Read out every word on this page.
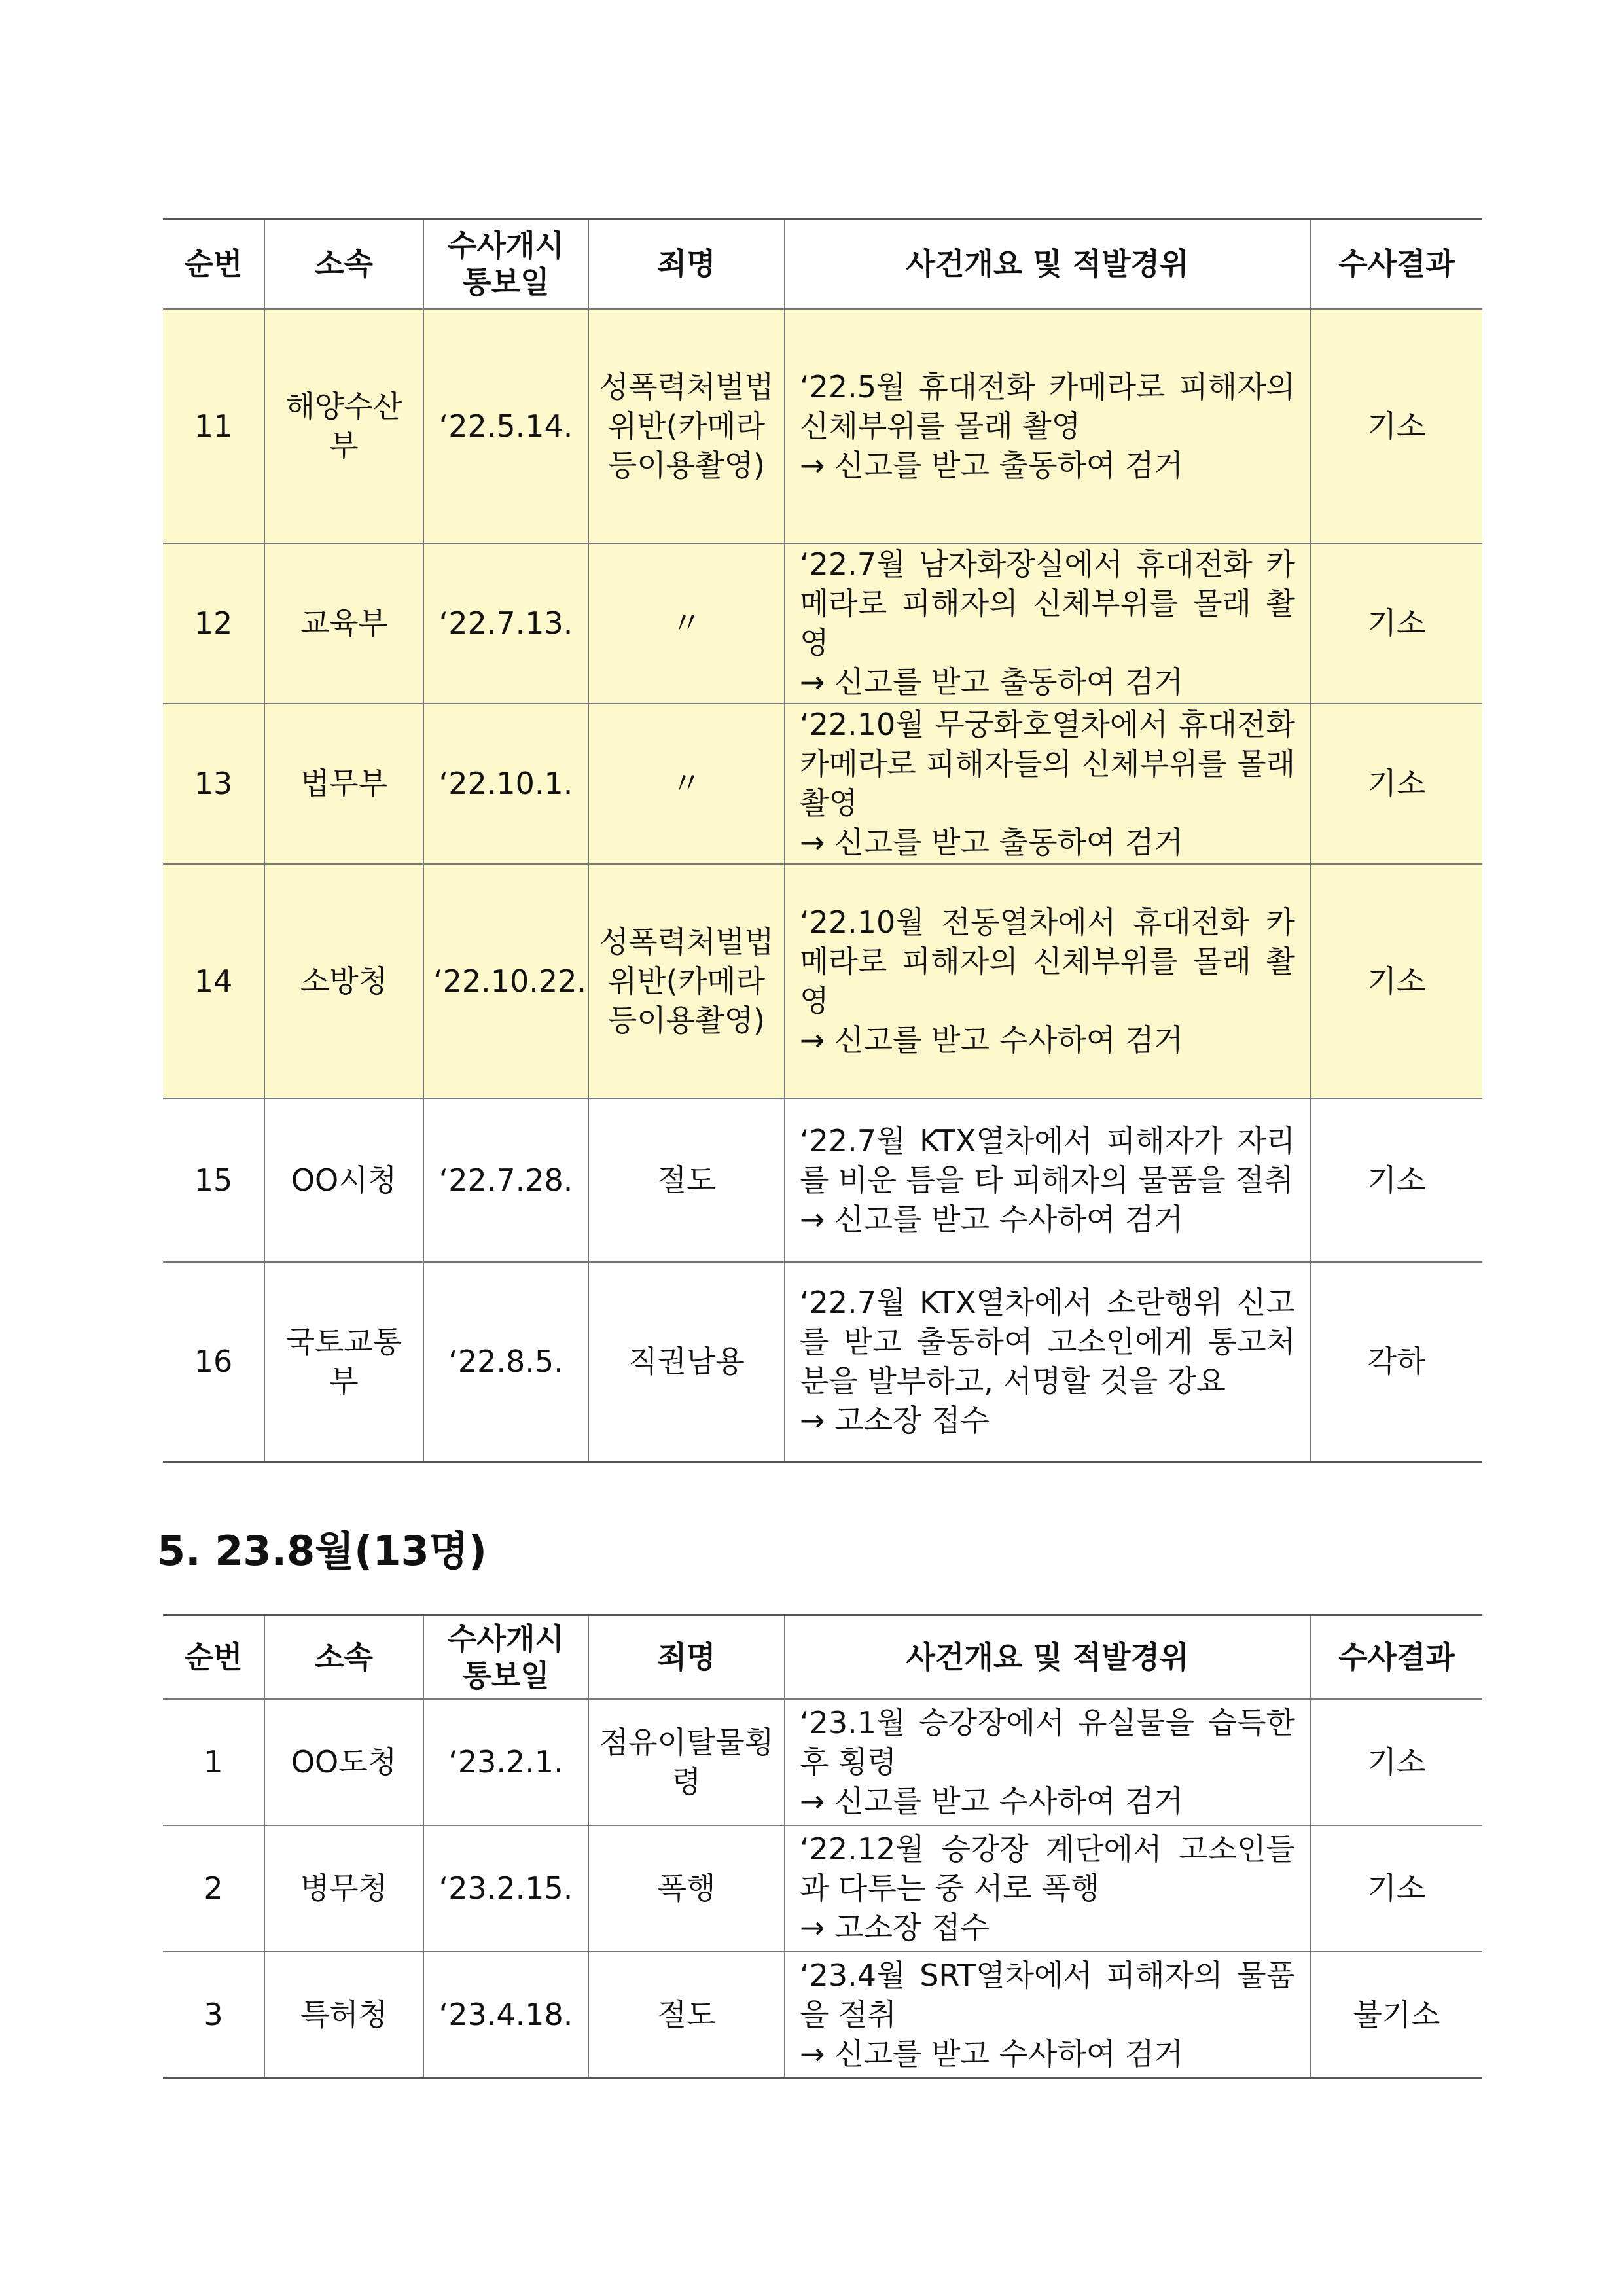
순번	소속	수사개시 통보일	죄명	사건개요 및 적발경위	수사결과
11	해양수산부	‘22.5.14.	성폭력처벌법위반(카메라등이용촬영)	‘22.5월 휴대전화 카메라로 피해자의 신체부위를 몰래 촬영
→ 신고를 받고 출동하여 검거	기소
12	교육부	‘22.7.13.	〃	‘22.7월 남자화장실에서 휴대전화 카메라로 피해자의 신체부위를 몰래 촬영
→ 신고를 받고 출동하여 검거	기소
13	법무부	‘22.10.1.	〃	‘22.10월 무궁화호열차에서 휴대전화 카메라로 피해자들의 신체부위를 몰래 촬영
→ 신고를 받고 출동하여 검거	기소
14	소방청	‘22.10.22.	성폭력처벌법위반(카메라등이용촬영)	‘22.10월 전동열차에서 휴대전화 카메라로 피해자의 신체부위를 몰래 촬영
→ 신고를 받고 수사하여 검거	기소
15	OO시청	‘22.7.28.	절도	‘22.7월 KTX열차에서 피해자가 자리를 비운 틈을 타 피해자의 물품을 절취
→ 신고를 받고 수사하여 검거	기소
16	국토교통부	‘22.8.5.	직권남용	‘22.7월 KTX열차에서 소란행위 신고를 받고 출동하여 고소인에게 통고처분을 발부하고, 서명할 것을 강요
→ 고소장 접수	각하
5. 23.8월(13명)
순번	소속	수사개시 통보일	죄명	사건개요 및 적발경위	수사결과
1	OO도청	‘23.2.1.	점유이탈물횡령	‘23.1월 승강장에서 유실물을 습득한 후 횡령
→ 신고를 받고 수사하여 검거	기소
2	병무청	‘23.2.15.	폭행	‘22.12월 승강장 계단에서 고소인들과 다투는 중 서로 폭행
→ 고소장 접수	기소
3	특허청	‘23.4.18.	절도	‘23.4월 SRT열차에서 피해자의 물품을 절취
→ 신고를 받고 수사하여 검거	불기소
